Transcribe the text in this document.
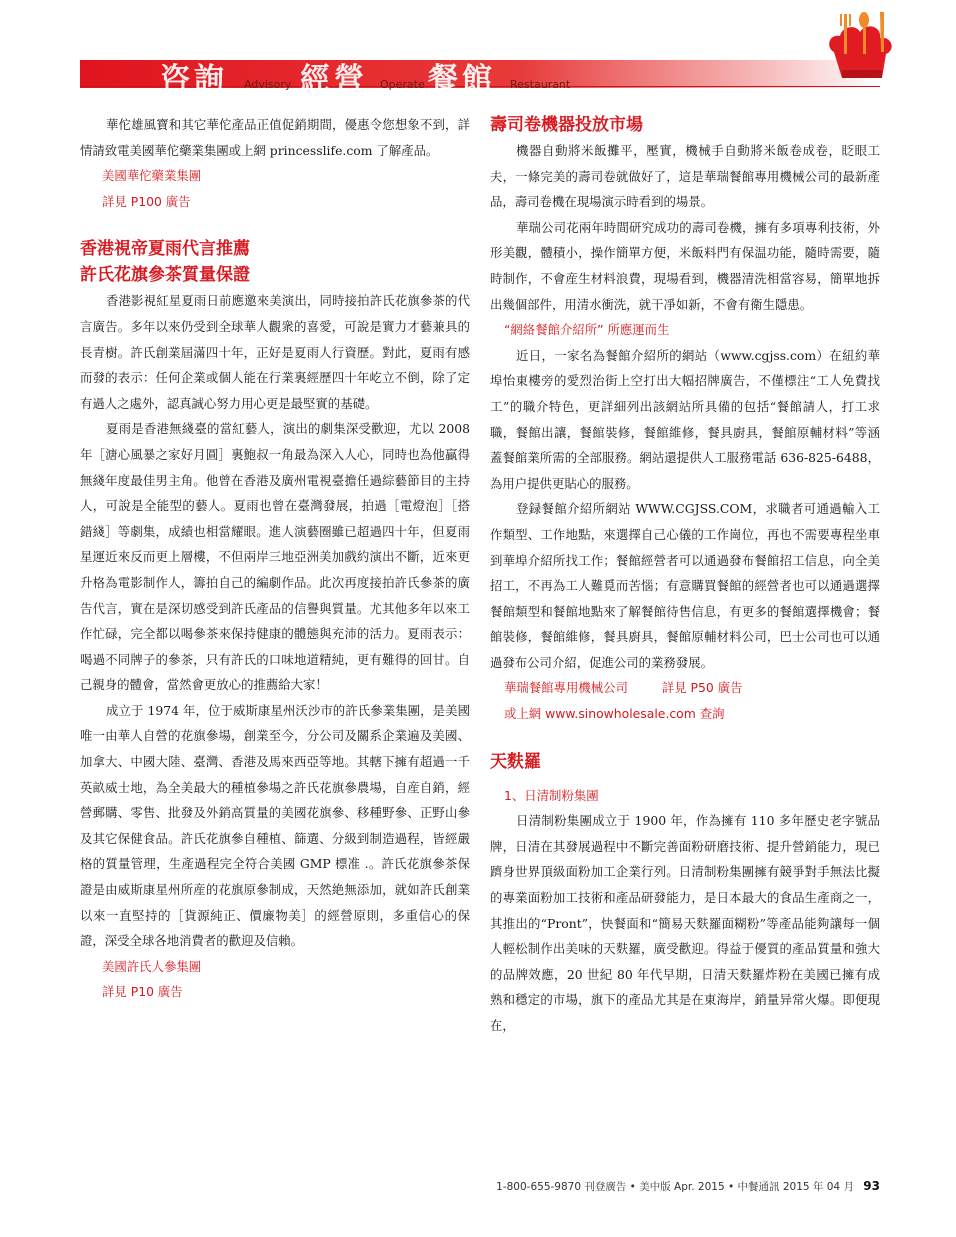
咨詢 Advisory 經營 Operate 餐館 Restaurant

華佗雄風寶和其它華佗產品正值促銷期間，優惠令您想象不到，詳情請致電美國華佗藥業集團或上網 princesslife.com 了解產品。

美國華佗藥業集團

詳見 P100 廣告

香港視帝夏雨代言推薦

許氏花旗參茶質量保證

香港影視紅星夏雨日前應邀來美演出，同時接拍許氏花旗參茶的代言廣告。多年以來仍受到全球華人觀衆的喜愛，可說是實力才藝兼具的長青樹。許氏創業屆滿四十年，正好是夏雨人行資歷。對此，夏雨有感而發的表示：任何企業或個人能在行業裏經歷四十年屹立不倒，除了定有過人之處外，認真誠心努力用心更是最堅實的基礎。

夏雨是香港無綫臺的當紅藝人，演出的劇集深受歡迎，尤以 2008 年［溏心風暴之家好月圓］裏鮑叔一角最為深入人心，同時也為他贏得無綫年度最佳男主角。他曾在香港及廣州電視臺擔任過綜藝節目的主持人，可說是全能型的藝人。夏雨也曾在臺灣發展，拍過［電燈泡］［搭錯綫］等劇集，成績也相當耀眼。進人演藝圈雖已超過四十年，但夏雨星運近來反而更上層樓，不但兩岸三地亞洲美加戲約演出不斷，近來更升格為電影制作人，籌拍自己的編劇作品。此次再度接拍許氏參茶的廣告代言，實在是深切感受到許氏產品的信譽與質量。尤其他多年以來工作忙碌，完全都以喝參茶來保持健康的體態與充沛的活力。夏雨表示：喝過不同牌子的參茶，只有許氏的口味地道精純，更有難得的回甘。自己親身的體會，當然會更放心的推薦給大家！

成立于 1974 年，位于威斯康星州沃沙市的許氏參業集團，是美國唯一由華人自營的花旗參場，創業至今，分公司及關系企業遍及美國、加拿大、中國大陸、臺灣、香港及馬來西亞等地。其轄下擁有超過一千英畝威士地，為全美最大的種植參場之許氏花旗參農場，自産自銷，經營郵購、零售、批發及外銷高質量的美國花旗參、移種野參、正野山參及其它保健食品。許氏花旗參自種植、篩選、分級到制造過程，皆經嚴格的質量管理，生產過程完全符合美國 GMP 標准 .。許氏花旗參茶保證是由威斯康星州所産的花旗原參制成，天然絶無添加，就如許氏創業以來一直堅持的［貨源純正、價廉物美］的經營原則，多重信心的保證，深受全球各地消費者的歡迎及信賴。

美國許氏人參集團

詳見 P10 廣告

壽司卷機器投放市場

機器自動將米飯攤平，壓實，機械手自動將米飯卷成卷，眨眼工夫，一條完美的壽司卷就做好了，這是華瑞餐館專用機械公司的最新產品，壽司卷機在現場演示時看到的場景。

華瑞公司花兩年時間研究成功的壽司卷機，擁有多項專利技術，外形美觀，體積小，操作簡單方便，米飯料門有保温功能，隨時需要，隨時制作，不會産生材料浪費，現場看到，機器清洗相當容易，簡單地拆出幾個部件，用清水衝洗，就干凈如新，不會有衛生隱患。

“網絡餐館介紹所” 所應運而生

近日，一家名為餐館介紹所的網站（www.cgjss.com）在紐約華埠怡東樓旁的愛烈治街上空打出大幅招牌廣告，不僅標注“工人免費找工”的職介特色，更詳細列出該網站所具備的包括“餐館請人，打工求職，餐館出讓，餐館裝修，餐館維修，餐具廚具，餐館原輔材料”等涵蓋餐館業所需的全部服務。網站還提供人工服務電話 636-825-6488，為用户提供更貼心的服務。

登録餐館介紹所網站 WWW.CGJSS.COM，求職者可通過輸入工作類型、工作地點，來選擇自己心儀的工作崗位，再也不需要專程坐車到華埠介紹所找工作；餐館經營者可以通過發布餐館招工信息，向全美招工，不再為工人難覓而苦惱；有意購買餐館的經營者也可以通過選擇餐館類型和餐館地點來了解餐館待售信息，有更多的餐館選擇機會；餐館裝修，餐館維修，餐具廚具，餐館原輔材料公司，巴士公司也可以通過發布公司介紹，促進公司的業務發展。

華瑞餐館專用機械公司	詳見 P50 廣告

或上網 www.sinowholesale.com 查詢

天麩羅

1、日清制粉集團

日清制粉集團成立于 1900 年，作為擁有 110 多年歷史老字號品牌，日清在其發展過程中不斷完善面粉研磨技術、提升營銷能力，現已躋身世界頂級面粉加工企業行列。日清制粉集團擁有競爭對手無法比擬的專業面粉加工技術和產品研發能力，是日本最大的食品生產商之一，其推出的“Pront”，快餐面和“簡易天麩羅面糊粉”等產品能夠讓每一個人輕松制作出美味的天麩羅，廣受歡迎。得益于優質的產品質量和強大的品牌效應，20 世紀 80 年代早期，日清天麩羅炸粉在美國已擁有成熟和穩定的市場，旗下的產品尤其是在東海岸，銷量异常火爆。即便現在，

1-800-655-9870 刊登廣告 • 美中版 Apr. 2015 • 中餐通訊 2015 年 04 月 93
